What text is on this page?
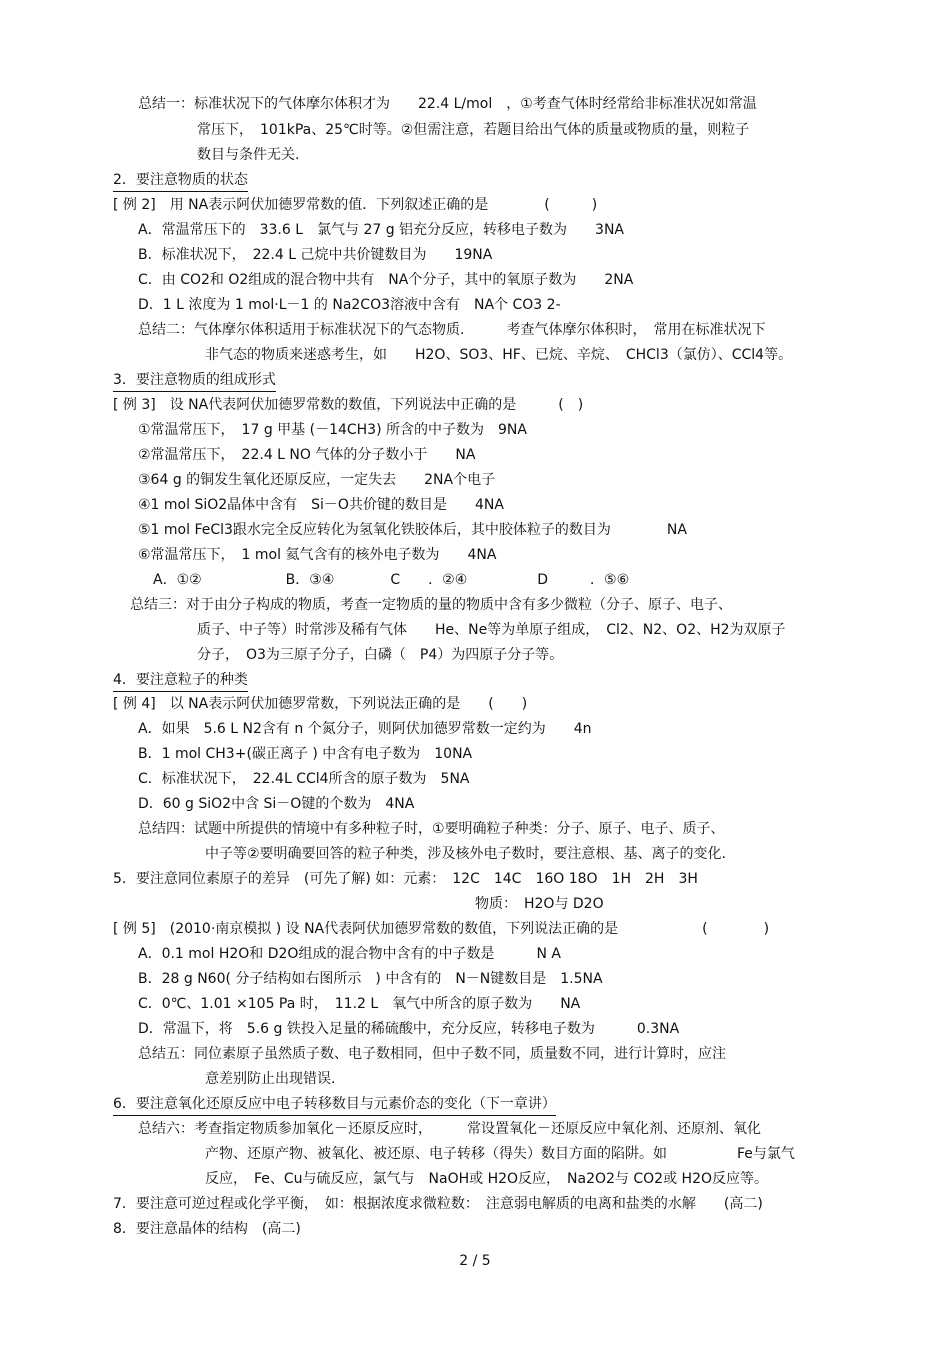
总结一：标准状况下的气体摩尔体积才为　　22.4 L/mol　，①考查气体时经常给非标准状况如常温
常压下，　101kPa、25℃时等。②但需注意，若题目给出气体的质量或物质的量，则粒子
数目与条件无关.
2．要注意物质的状态
[ 例 2]　用 NA表示阿伏加德罗常数的值．下列叙述正确的是　　　　(　　　)
A．常温常压下的　33.6 L　氯气与 27 g 铝充分反应，转移电子数为　　3NA
B．标准状况下，　22.4 L 己烷中共价键数目为　　19NA
C．由 CO2和 O2组成的混合物中共有　NA个分子，其中的氧原子数为　　2NA
D．1 L 浓度为 1 mol·L－1 的 Na2CO3溶液中含有　NA个 CO3 2-
总结二：气体摩尔体积适用于标准状况下的气态物质.　　　考查气体摩尔体积时，　常用在标准状况下
非气态的物质来迷惑考生，如　　H2O、SO3、HF、已烷、辛烷、　CHCl3（氯仿）、CCl4等。
3．要注意物质的组成形式
[ 例 3]　设 NA代表阿伏加德罗常数的数值，下列说法中正确的是　　　(　)
①常温常压下，　17 g 甲基 (－14CH3) 所含的中子数为　9NA
②常温常压下，　22.4 L NO 气体的分子数小于　　NA
③64 g 的铜发生氧化还原反应，一定失去　　2NA个电子
④1 mol SiO2晶体中含有　Si－O共价键的数目是　　4NA
⑤1 mol FeCl3跟水完全反应转化为氢氧化铁胶体后，其中胶体粒子的数目为　　　　NA
⑥常温常压下，　1 mol 氦气含有的核外电子数为　　4NA
A．①②　　　　　　B．③④　　　　C　　．②④　　　　　D　　　．⑤⑥
总结三：对于由分子构成的物质，考查一定物质的量的物质中含有多少微粒（分子、原子、电子、
质子、中子等）时常涉及稀有气体　　He、Ne等为单原子组成，　Cl2、N2、O2、H2为双原子
分子，　O3为三原子分子，白磷（　P4）为四原子分子等。
4．要注意粒子的种类
[ 例 4]　以 NA表示阿伏加德罗常数，下列说法正确的是　　(　　)
A．如果　5.6 L N2含有 n 个氮分子，则阿伏加德罗常数一定约为　　4n
B．1 mol CH3+(碳正离子 ) 中含有电子数为　10NA
C．标准状况下，　22.4L CCl4所含的原子数为　5NA
D．60 g SiO2中含 Si－O键的个数为　4NA
总结四：试题中所提供的情境中有多种粒子时，①要明确粒子种类：分子、原子、电子、质子、
中子等②要明确要回答的粒子种类，涉及核外电子数时，要注意根、基、离子的变化.
5．要注意同位素原子的差异　(可先了解) 如：元素：　12C　14C　16O 18O　1H　2H　3H
物质：　H2O与 D2O
[ 例 5]　(2010·南京模拟 ) 设 NA代表阿伏加德罗常数的数值，下列说法正确的是　　　　　　(　　　　)
A．0.1 mol H2O和 D2O组成的混合物中含有的中子数是　　　N A
B．28 g N60( 分子结构如右图所示　) 中含有的　N－N键数目是　1.5NA
C．0℃、1.01 ×105 Pa 时，　11.2 L　氧气中所含的原子数为　　NA
D．常温下，将　5.6 g 铁投入足量的稀硫酸中，充分反应，转移电子数为　　　0.3NA
总结五：同位素原子虽然质子数、电子数相同，但中子数不同，质量数不同，进行计算时，应注
意差别防止出现错误.
6．要注意氧化还原反应中电子转移数目与元素价态的变化（下一章讲）
总结六：考查指定物质参加氧化－还原反应时，　　　常设置氧化－还原反应中氧化剂、还原剂、氧化
产物、还原产物、被氧化、被还原、电子转移（得失）数目方面的陷阱。如　　　　　Fe与氯气
反应，　Fe、Cu与硫反应，氯气与　NaOH或 H2O反应，　Na2O2与 CO2或 H2O反应等。
7．要注意可逆过程或化学平衡，　如：根据浓度求微粒数：　注意弱电解质的电离和盐类的水解　　(高二)
8．要注意晶体的结构　(高二)
2 / 5
